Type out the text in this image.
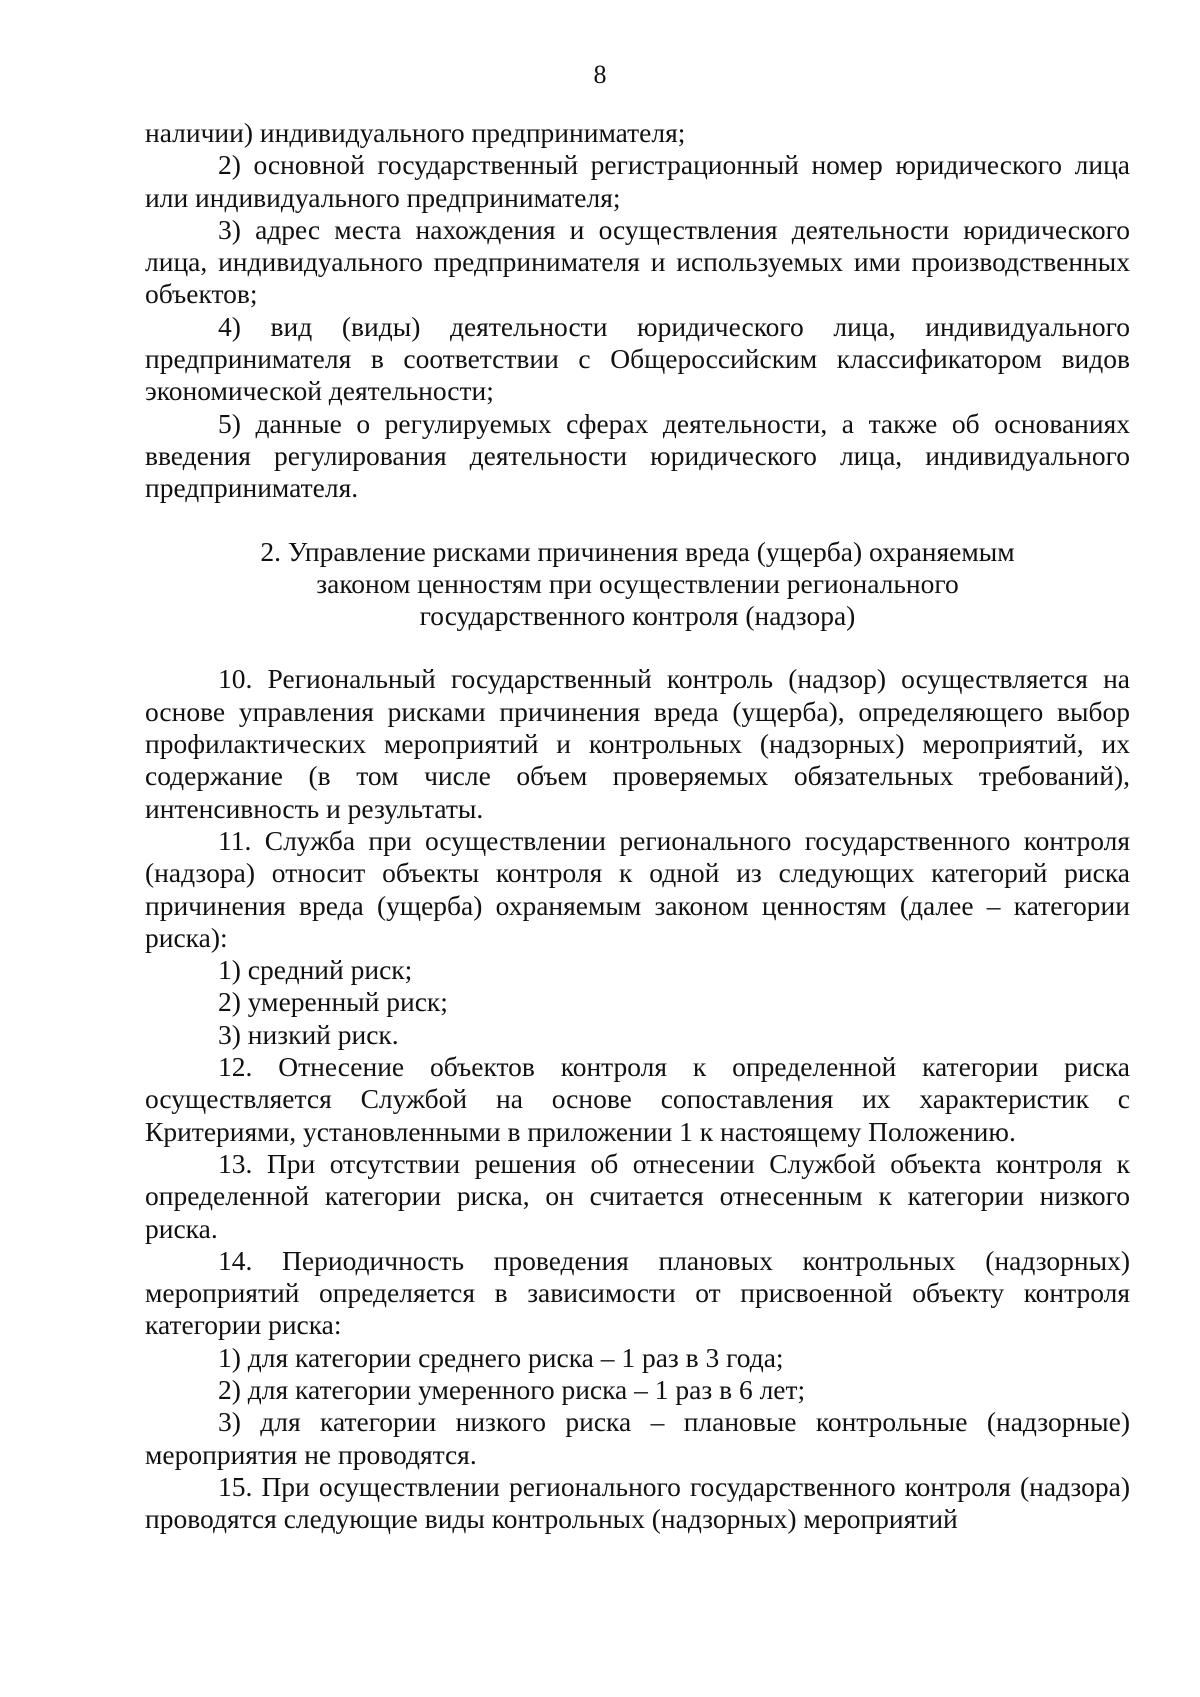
8

наличии) индивидуального предпринимателя;

2) основной государственный регистрационный номер юридического лица или индивидуального предпринимателя;

3) адрес места нахождения и осуществления деятельности юридического лица, индивидуального предпринимателя и используемых ими производственных объектов;

4) вид (виды) деятельности юридического лица, индивидуального предпринимателя в соответствии с Общероссийским классификатором видов экономической деятельности;

5) данные о регулируемых сферах деятельности, а также об основаниях введения регулирования деятельности юридического лица, индивидуального предпринимателя.

2. Управление рисками причинения вреда (ущерба) охраняемым законом ценностям при осуществлении регионального государственного контроля (надзора)

10. Региональный государственный контроль (надзор) осуществляется на основе управления рисками причинения вреда (ущерба), определяющего выбор профилактических мероприятий и контрольных (надзорных) мероприятий, их содержание (в том числе объем проверяемых обязательных требований), интенсивность и результаты.

11. Служба при осуществлении регионального государственного контроля (надзора) относит объекты контроля к одной из следующих категорий риска причинения вреда (ущерба) охраняемым законом ценностям (далее – категории риска):

1) средний риск;

2) умеренный риск;

3) низкий риск.

12. Отнесение объектов контроля к определенной категории риска осуществляется Службой на основе сопоставления их характеристик с Критериями, установленными в приложении 1 к настоящему Положению.

13. При отсутствии решения об отнесении Службой объекта контроля к определенной категории риска, он считается отнесенным к категории низкого риска.

14. Периодичность проведения плановых контрольных (надзорных) мероприятий определяется в зависимости от присвоенной объекту контроля категории риска:

1) для категории среднего риска – 1 раз в 3 года;

2) для категории умеренного риска – 1 раз в 6 лет;

3) для категории низкого риска – плановые контрольные (надзорные) мероприятия не проводятся.

15. При осуществлении регионального государственного контроля (надзора) проводятся следующие виды контрольных (надзорных) мероприятий
